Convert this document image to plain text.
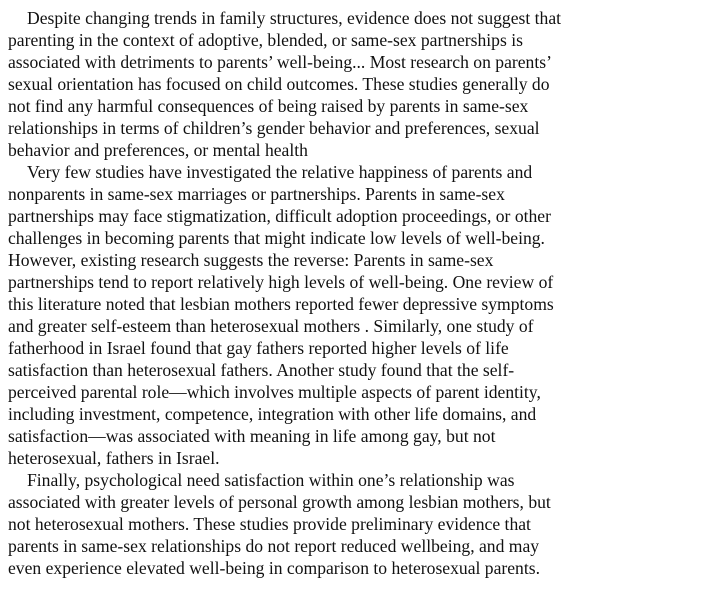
Despite changing trends in family structures, evidence does not suggest that
parenting in the context of adoptive, blended, or same-sex partnerships is
associated with detriments to parents’ well-being... Most research on parents’
sexual orientation has focused on child outcomes. These studies generally do
not find any harmful consequences of being raised by parents in same-sex
relationships in terms of children’s gender behavior and preferences, sexual
behavior and preferences, or mental health
Very few studies have investigated the relative happiness of parents and
nonparents in same-sex marriages or partnerships. Parents in same-sex
partnerships may face stigmatization, difficult adoption proceedings, or other
challenges in becoming parents that might indicate low levels of well-being.
However, existing research suggests the reverse: Parents in same-sex
partnerships tend to report relatively high levels of well-being. One review of
this literature noted that lesbian mothers reported fewer depressive symptoms
and greater self-esteem than heterosexual mothers . Similarly, one study of
fatherhood in Israel found that gay fathers reported higher levels of life
satisfaction than heterosexual fathers. Another study found that the self-
perceived parental role—which involves multiple aspects of parent identity,
including investment, competence, integration with other life domains, and
satisfaction—was associated with meaning in life among gay, but not
heterosexual, fathers in Israel.
Finally, psychological need satisfaction within one’s relationship was
associated with greater levels of personal growth among lesbian mothers, but
not heterosexual mothers. These studies provide preliminary evidence that
parents in same-sex relationships do not report reduced wellbeing, and may
even experience elevated well-being in comparison to heterosexual parents.
